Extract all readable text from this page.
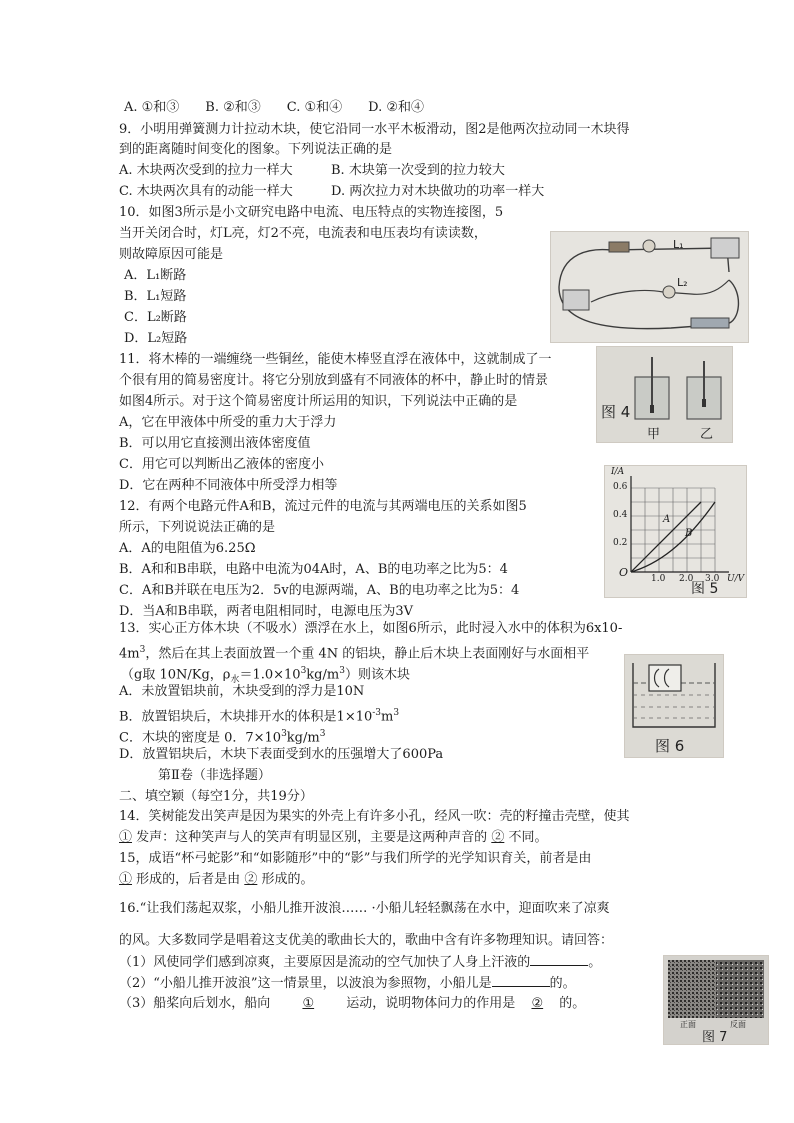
A. ①和③　　B. ②和③　　C. ①和④　　D. ②和④
9．小明用弹簧测力计拉动木块，使它沿同一水平木板滑动，图2是他两次拉动同一木块得
到的距离随时间变化的图象。下列说法正确的是
A. 木块两次受到的拉力一样大	B. 木块第一次受到的拉力较大
C. 木块两次具有的动能一样大	D. 两次拉力对木块做功的功率一样大
10．如图3所示是小文研究电路中电流、电压特点的实物连接图，5
当开关闭合时，灯L亮，灯2不亮，电流表和电压表均有读读数，
则故障原因可能是
A．L₁断路
B．L₁短路
C．L₂断路
D．L₂短路
L₁
L₂
11．将木棒的一端缠绕一些铜丝，能使木棒竖直浮在液体中，这就制成了一
个很有用的简易密度计。将它分别放到盛有不同液体的杯中，静止时的情景
如图4所示。对于这个简易密度计所运用的知识，下列说法中正确的是
A，它在甲液体中所受的重力大于浮力
B．可以用它直接测出液体密度值
C．用它可以判断出乙液体的密度小
D．它在两种不同液体中所受浮力相等
图 4
甲	乙
12．有两个电路元件A和B，流过元件的电流与其两端电压的关系如图5
所示，下列说说法正确的是
A．A的电阻值为6.25Ω
B．A和和B串联，电路中电流为04A时，A、B的电功率之比为5：4
C．A和B并联在电压为2．5v的电源两端，A、B的电功率之比为5：4
D．当A和B串联，两者电阻相同时，电源电压为3V
I/A
U/V
0.6
0.4
0.2
O	1.0 2.0 3.0
A
B
图 5
13．实心正方体木块（不吸水）漂浮在水上，如图6所示，此时浸入水中的体积为6x10-
$4m^3$，然后在其上表面放置一个重 4N 的铝块，静止后木块上表面刚好与水面相平
（g取 10N/Kg，$\rho_水=1.0\times 10^3kg/m^3$）则该木块
A．未放置铝块前，木块受到的浮力是10N
B．放置铝块后，木块排开水的体积是$1\times 10^{-3}m^3$
C．木块的密度是 0．$7\times 10^3kg/m^3$
D．放置铝块后，木块下表面受到水的压强增大了600Pa	图 6
第Ⅱ卷（非选择题）
二、填空颖（每空1分，共19分）
14．笑树能发出笑声是因为果实的外壳上有许多小孔，经风一吹：壳的籽撞击壳壁，使其
① 发声：这种笑声与人的笑声有明显区别，主要是这两种声音的 ② 不同。
15，成语“杯弓蛇影”和“如影随形”中的“影”与我们所学的光学知识育关，前者是由
① 形成的，后者是由 ② 形成的。
16.“让我们荡起双浆，小船儿推开波浪…… ·小船儿轻轻飘荡在水中，迎面吹来了凉爽
的风。大多数同学是唱着这支优美的歌曲长大的，歌曲中含有许多物理知识。请回答：
（1）风使同学们感到凉爽，主要原因是流动的空气加快了人身上汗液的	。
（2）“小船儿推开波浪”这一情景里，以波浪为参照物，小船儿是	的。
（3）船桨向后划水，船向 ① 运动，说明物体问力的作用是 ② 的。
正面	反面
图 7
